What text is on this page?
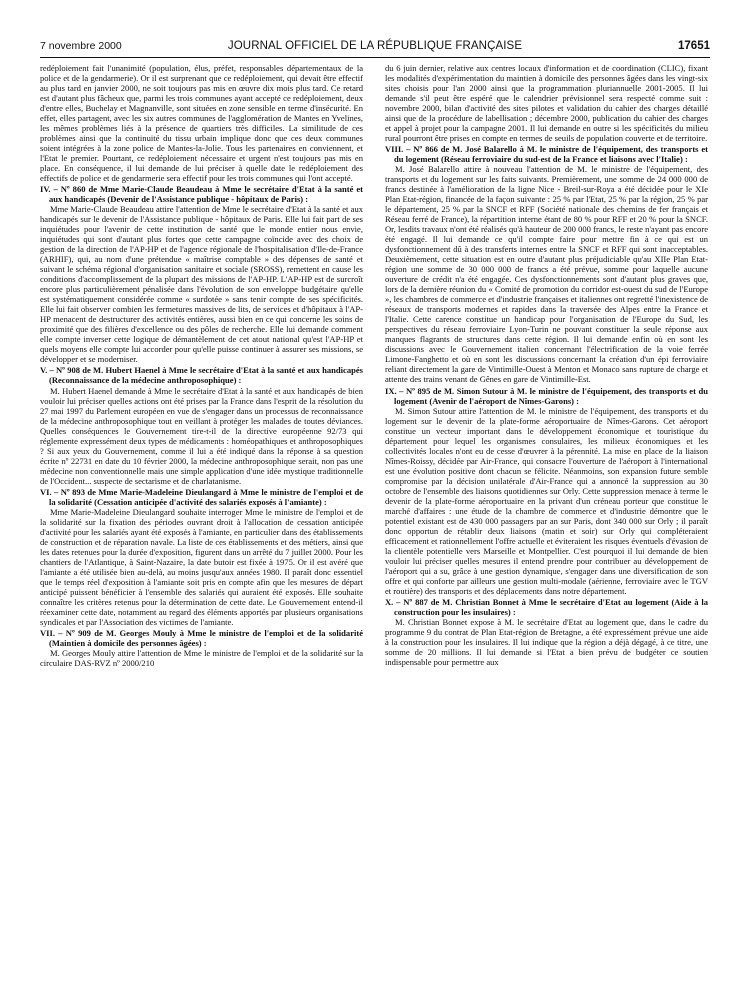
7 novembre 2000	JOURNAL OFFICIEL DE LA RÉPUBLIQUE FRANÇAISE	17651

redéploiement fait l'unanimité (population, élus, préfet, responsables départementaux de la police et de la gendarmerie). Or il est surprenant que ce redéploiement, qui devait être effectif au plus tard en janvier 2000, ne soit toujours pas mis en œuvre dix mois plus tard. Ce retard est d'autant plus fâcheux que, parmi les trois communes ayant accepté ce redéploiement, deux d'entre elles, Buchelay et Magnanville, sont situées en zone sensible en terme d'insécurité. En effet, elles partagent, avec les six autres communes de l'agglomération de Mantes en Yvelines, les mêmes problèmes liés à la présence de quartiers très difficiles. La similitude de ces problèmes ainsi que la continuité du tissu urbain implique donc que ces deux communes soient intégrées à la zone police de Mantes-la-Jolie. Tous les partenaires en conviennent, et l'Etat le premier. Pourtant, ce redéploiement nécessaire et urgent n'est toujours pas mis en place. En conséquence, il lui demande de lui préciser à quelle date le redéploiement des effectifs de police et de gendarmerie sera effectif pour les trois communes qui l'ont accepté.

IV. – Nº 860 de Mme Marie-Claude Beaudeau à Mme le secrétaire d'Etat à la santé et aux handicapés (Devenir de l'Assistance publique - hôpitaux de Paris) :

Mme Marie-Claude Beaudeau attire l'attention de Mme le secrétaire d'Etat à la santé et aux handicapés sur le devenir de l'Assistance publique - hôpitaux de Paris. Elle lui fait part de ses inquiétudes pour l'avenir de cette institution de santé que le monde entier nous envie, inquiétudes qui sont d'autant plus fortes que cette campagne coïncide avec des choix de gestion de la direction de l'AP-HP et de l'agence régionale de l'hospitalisation d'Ile-de-France (ARHIF), qui, au nom d'une prétendue « maîtrise comptable » des dépenses de santé et suivant le schéma régional d'organisation sanitaire et sociale (SROSS), remettent en cause les conditions d'accomplissement de la plupart des missions de l'AP-HP. L'AP-HP est de surcroît encore plus particulièrement pénalisée dans l'évolution de son enveloppe budgétaire qu'elle est systématiquement considérée comme « surdotée » sans tenir compte de ses spécificités. Elle lui fait observer combien les fermetures massives de lits, de services et d'hôpitaux à l'AP-HP menacent de destructurer des activités entières, aussi bien en ce qui concerne les soins de proximité que des filières d'excellence ou des pôles de recherche. Elle lui demande comment elle compte inverser cette logique de démantèlement de cet atout national qu'est l'AP-HP et quels moyens elle compte lui accorder pour qu'elle puisse continuer à assurer ses missions, se développer et se moderniser.

V. – Nº 908 de M. Hubert Haenel à Mme le secrétaire d'Etat à la santé et aux handicapés (Reconnaissance de la médecine anthroposophique) :

M. Hubert Haenel demande à Mme le secrétaire d'Etat à la santé et aux handicapés de bien vouloir lui préciser quelles actions ont été prises par la France dans l'esprit de la résolution du 27 mai 1997 du Parlement européen en vue de s'engager dans un processus de reconnaissance de la médecine anthroposophique tout en veillant à protéger les malades de toutes déviances. Quelles conséquences le Gouvernement tire-t-il de la directive européenne 92/73 qui réglemente expressément deux types de médicaments : homéopathiques et anthroposophiques ? Si aux yeux du Gouvernement, comme il lui a été indiqué dans la réponse à sa question écrite nº 22731 en date du 10 février 2000, la médecine anthroposophique serait, non pas une médecine non conventionnelle mais une simple application d'une idée mystique traditionnelle de l'Occident... suspecte de sectarisme et de charlatanisme.

VI. – Nº 893 de Mme Marie-Madeleine Dieulangard à Mme le ministre de l'emploi et de la solidarité (Cessation anticipée d'activité des salariés exposés à l'amiante) :

Mme Marie-Madeleine Dieulangard souhaite interroger Mme le ministre de l'emploi et de la solidarité sur la fixation des périodes ouvrant droit à l'allocation de cessation anticipée d'activité pour les salariés ayant été exposés à l'amiante, en particulier dans des établissements de construction et de réparation navale. La liste de ces établissements et des métiers, ainsi que les dates retenues pour la durée d'exposition, figurent dans un arrêté du 7 juillet 2000. Pour les chantiers de l'Atlantique, à Saint-Nazaire, la date butoir est fixée à 1975. Or il est avéré que l'amiante a été utilisée bien au-delà, au moins jusqu'aux années 1980. Il paraît donc essentiel que le temps réel d'exposition à l'amiante soit pris en compte afin que les mesures de départ anticipé puissent bénéficier à l'ensemble des salariés qui auraient été exposés. Elle souhaite connaître les critères retenus pour la détermination de cette date. Le Gouvernement entend-il réexaminer cette date, notamment au regard des éléments apportés par plusieurs organisations syndicales et par l'Association des victimes de l'amiante.

VII. – Nº 909 de M. Georges Mouly à Mme le ministre de l'emploi et de la solidarité (Maintien à domicile des personnes âgées) :

M. Georges Mouly attire l'attention de Mme le ministre de l'emploi et de la solidarité sur la circulaire DAS-RVZ nº 2000/210

du 6 juin dernier, relative aux centres locaux d'information et de coordination (CLIC), fixant les modalités d'expérimentation du maintien à domicile des personnes âgées dans les vingt-six sites choisis pour l'an 2000 ainsi que la programmation pluriannuelle 2001-2005. Il lui demande s'il peut être espéré que le calendrier prévisionnel sera respecté comme suit : novembre 2000, bilan d'activité des sites pilotes et validation du cahier des charges détaillé ainsi que de la procédure de labellisation ; décembre 2000, publication du cahier des charges et appel à projet pour la campagne 2001. Il lui demande en outre si les spécificités du milieu rural pourront être prises en compte en termes de seuils de population couverte et de territoire.

VIII. – Nº 866 de M. José Balarello à M. le ministre de l'équipement, des transports et du logement (Réseau ferroviaire du sud-est de la France et liaisons avec l'Italie) :

M. José Balarello attire à nouveau l'attention de M. le ministre de l'équipement, des transports et du logement sur les faits suivants. Premièrement, une somme de 24 000 000 de francs destinée à l'amélioration de la ligne Nice - Breil-sur-Roya a été décidée pour le XIe Plan Etat-région, financée de la façon suivante : 25 % par l'Etat, 25 % par la région, 25 % par le département, 25 % par la SNCF et RFF (Société nationale des chemins de fer français et Réseau ferré de France), la répartition interne étant de 80 % pour RFF et 20 % pour la SNCF. Or, lesdits travaux n'ont été réalisés qu'à hauteur de 200 000 francs, le reste n'ayant pas encore été engagé. Il lui demande ce qu'il compte faire pour mettre fin à ce qui est un dysfonctionnement dû à des transferts internes entre la SNCF et RFF qui sont inacceptables. Deuxièmement, cette situation est en outre d'autant plus préjudiciable qu'au XIIe Plan Etat-région une somme de 30 000 000 de francs a été prévue, somme pour laquelle aucune ouverture de crédit n'a été engagée. Ces dysfonctionnements sont d'autant plus graves que, lors de la dernière réunion du « Comité de promotion du corridor est-ouest du sud de l'Europe », les chambres de commerce et d'industrie françaises et italiennes ont regretté l'inexistence de réseaux de transports modernes et rapides dans la traversée des Alpes entre la France et l'Italie. Cette carence constitue un handicap pour l'organisation de l'Europe du Sud, les perspectives du réseau ferroviaire Lyon-Turin ne pouvant constituer la seule réponse aux manques flagrants de structures dans cette région. Il lui demande enfin où en sont les discussions avec le Gouvernement italien concernant l'électrification de la voie ferrée Limone-Fanghetto et où en sont les discussions concernant la création d'un épi ferroviaire reliant directement la gare de Vintimille-Ouest à Menton et Monaco sans rupture de charge et attente des trains venant de Gênes en gare de Vintimille-Est.

IX. – Nº 895 de M. Simon Sutour à M. le ministre de l'équipement, des transports et du logement (Avenir de l'aéroport de Nîmes-Garons) :

M. Simon Sutour attire l'attention de M. le ministre de l'équipement, des transports et du logement sur le devenir de la plate-forme aéroportuaire de Nîmes-Garons. Cet aéroport constitue un vecteur important dans le développement économique et touristique du département pour lequel les organismes consulaires, les milieux économiques et les collectivités locales n'ont eu de cesse d'œuvrer à la pérennité. La mise en place de la liaison Nîmes-Roissy, décidée par Air-France, qui consacre l'ouverture de l'aéroport à l'international est une évolution positive dont chacun se félicite. Néanmoins, son expansion future semble compromise par la décision unilatérale d'Air-France qui a annoncé la suppression au 30 octobre de l'ensemble des liaisons quotidiennes sur Orly. Cette suppression menace à terme le devenir de la plate-forme aéroportuaire en la privant d'un créneau porteur que constitue le marché d'affaires : une étude de la chambre de commerce et d'industrie démontre que le potentiel existant est de 430 000 passagers par an sur Paris, dont 340 000 sur Orly ; il paraît donc opportun de rétablir deux liaisons (matin et soir) sur Orly qui compléteraient efficacement et rationnellement l'offre actuelle et éviteraient les risques éventuels d'évasion de la clientèle potentielle vers Marseille et Montpellier. C'est pourquoi il lui demande de bien vouloir lui préciser quelles mesures il entend prendre pour contribuer au développement de l'aéroport qui a su, grâce à une gestion dynamique, s'engager dans une diversification de son offre et qui conforte par ailleurs une gestion multi-modale (aérienne, ferroviaire avec le TGV et routière) des transports et des déplacements dans notre département.

X. – Nº 887 de M. Christian Bonnet à Mme le secrétaire d'Etat au logement (Aide à la construction pour les insulaires) :

M. Christian Bonnet expose à M. le secrétaire d'Etat au logement que, dans le cadre du programme 9 du contrat de Plan Etat-région de Bretagne, a été expressément prévue une aide à la construction pour les insulaires. Il lui indique que la région a déjà dégagé, à ce titre, une somme de 20 millions. Il lui demande si l'Etat a bien prévu de budgéter ce soutien indispensable pour permettre aux
